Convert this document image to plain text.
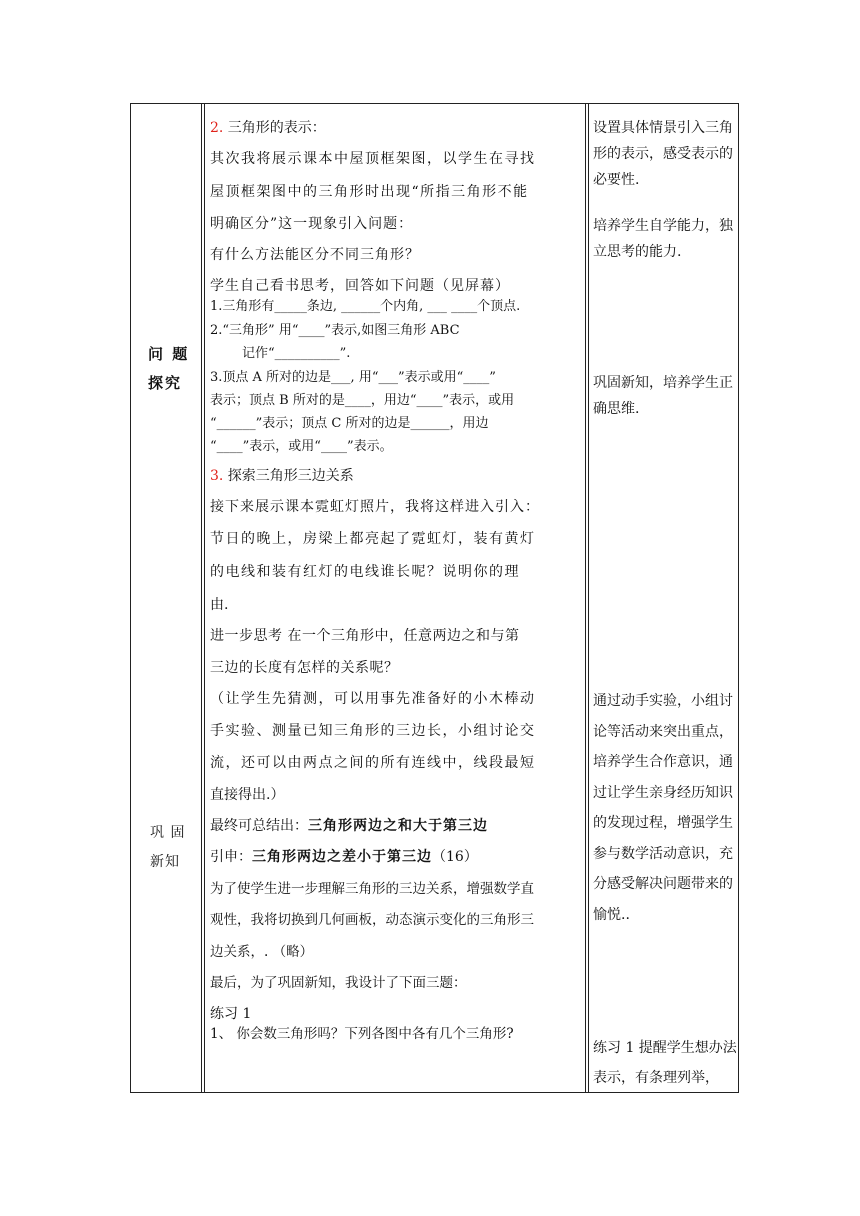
问 题
探究
巩 固
新知
2. 三角形的表示：
其次我将展示课本中屋顶框架图，以学生在寻找
屋顶框架图中的三角形时出现“所指三角形不能
明确区分”这一现象引入问题：
有什么方法能区分不同三角形？
学生自己看书思考，回答如下问题（见屏幕）
1.三角形有_____条边, ______个内角, ___ ____个顶点.
2.“三角形” 用“____”表示,如图三角形 ABC
记作“__________”.
3.顶点 A 所对的边是___, 用“___”表示或用“____”
表示；顶点 B 所对的是____，用边“____”表示，或用
“______”表示；顶点 C 所对的边是______，用边
“____”表示，或用“____”表示。
3. 探索三角形三边关系
接下来展示课本霓虹灯照片，我将这样进入引入：
节日的晚上，房梁上都亮起了霓虹灯，装有黄灯
的电线和装有红灯的电线谁长呢？说明你的理
由.
进一步思考 在一个三角形中，任意两边之和与第
三边的长度有怎样的关系呢？
（让学生先猜测，可以用事先准备好的小木棒动
手实验、测量已知三角形的三边长，小组讨论交
流，还可以由两点之间的所有连线中，线段最短
直接得出.）
最终可总结出：三角形两边之和大于第三边
引申：三角形两边之差小于第三边（16）
为了使学生进一步理解三角形的三边关系，增强数学直
观性，我将切换到几何画板，动态演示变化的三角形三
边关系，. （略）
最后，为了巩固新知，我设计了下面三题：
练习 1
1、 你会数三角形吗？下列各图中各有几个三角形?
设置具体情景引入三角形的表示，感受表示的必要性.
培养学生自学能力，独立思考的能力.
巩固新知，培养学生正确思维.
通过动手实验，小组讨论等活动来突出重点，培养学生合作意识，通过让学生亲身经历知识的发现过程，增强学生参与数学活动意识，充分感受解决问题带来的愉悦..
练习 1 提醒学生想办法表示，有条理列举，
